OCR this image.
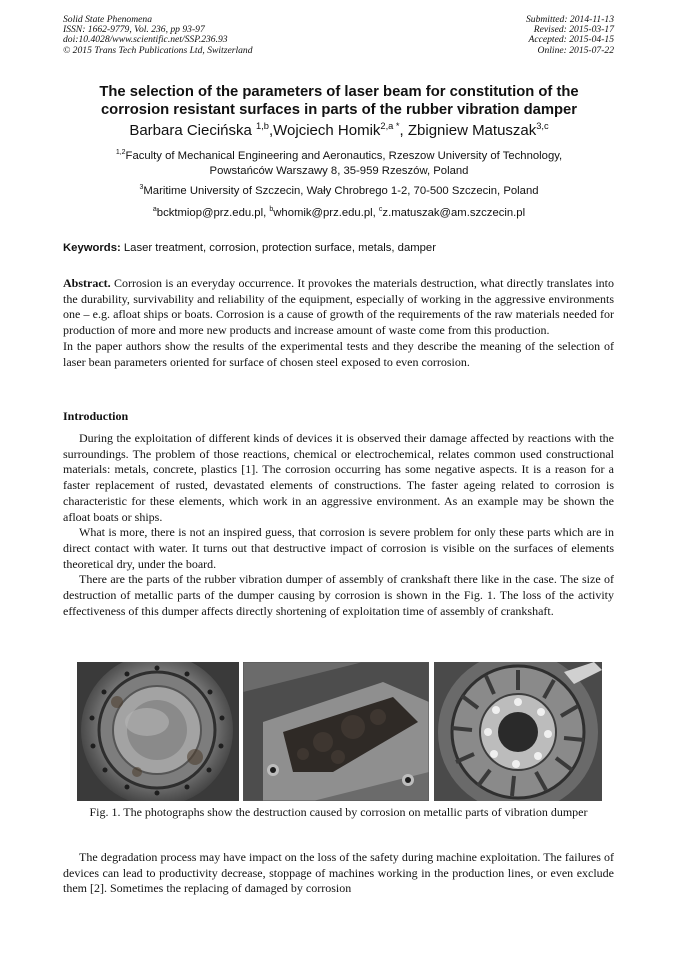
Solid State Phenomena
ISSN: 1662-9779, Vol. 236, pp 93-97
doi:10.4028/www.scientific.net/SSP.236.93
© 2015 Trans Tech Publications Ltd, Switzerland
Submitted: 2014-11-13
Revised: 2015-03-17
Accepted: 2015-04-15
Online: 2015-07-22
The selection of the parameters of laser beam for constitution of the
corrosion resistant surfaces in parts of the rubber vibration damper
Barbara Ciecińska $^{1,b}$,Wojciech Homik$^{2,a *}$, Zbigniew Matuszak$^{3,c}$
$^{1,2}$Faculty of Mechanical Engineering and Aeronautics, Rzeszow University of Technology,
Powstańców Warszawy 8, 35-959 Rzeszów, Poland
$^3$Maritime University of Szczecin, Wały Chrobrego 1-2, 70-500 Szczecin, Poland
$^a$bcktmiop@prz.edu.pl, $^b$whomik@prz.edu.pl, $^c$z.matuszak@am.szczecin.pl
Keywords: Laser treatment, corrosion, protection surface, metals, damper

Abstract. Corrosion is an everyday occurrence. It provokes the materials destruction, what directly translates into the durability, survivability and reliability of the equipment, especially of working in the aggressive environments one – e.g. afloat ships or boats. Corrosion is a cause of growth of the requirements of the raw materials needed for production of more and more new products and increase amount of waste come from this production.

In the paper authors show the results of the experimental tests and they describe the meaning of the selection of laser bean parameters oriented for surface of chosen steel exposed to even corrosion.

Introduction

During the exploitation of different kinds of devices it is observed their damage affected by reactions with the surroundings. The problem of those reactions, chemical or electrochemical, relates common used constructional materials: metals, concrete, plastics [1]. The corrosion occurring has some negative aspects. It is a reason for a faster replacement of rusted, devastated elements of constructions. The faster ageing related to corrosion is characteristic for these elements, which work in an aggressive environment. As an example may be shown the afloat boats or ships.

What is more, there is not an inspired guess, that corrosion is severe problem for only these parts which are in direct contact with water. It turns out that destructive impact of corrosion is visible on the surfaces of elements theoretical dry, under the board.

There are the parts of the rubber vibration dumper of assembly of crankshaft there like in the case. The size of destruction of metallic parts of the dumper causing by corrosion is shown in the Fig. 1. The loss of the activity effectiveness of this dumper affects directly shortening of exploitation time of assembly of crankshaft.

Fig. 1. The photographs show the destruction caused by corrosion on metallic parts of vibration dumper

The degradation process may have impact on the loss of the safety during machine exploitation. The failures of devices can lead to productivity decrease, stoppage of machines working in the production lines, or even exclude them [2]. Sometimes the replacing of damaged by corrosion
